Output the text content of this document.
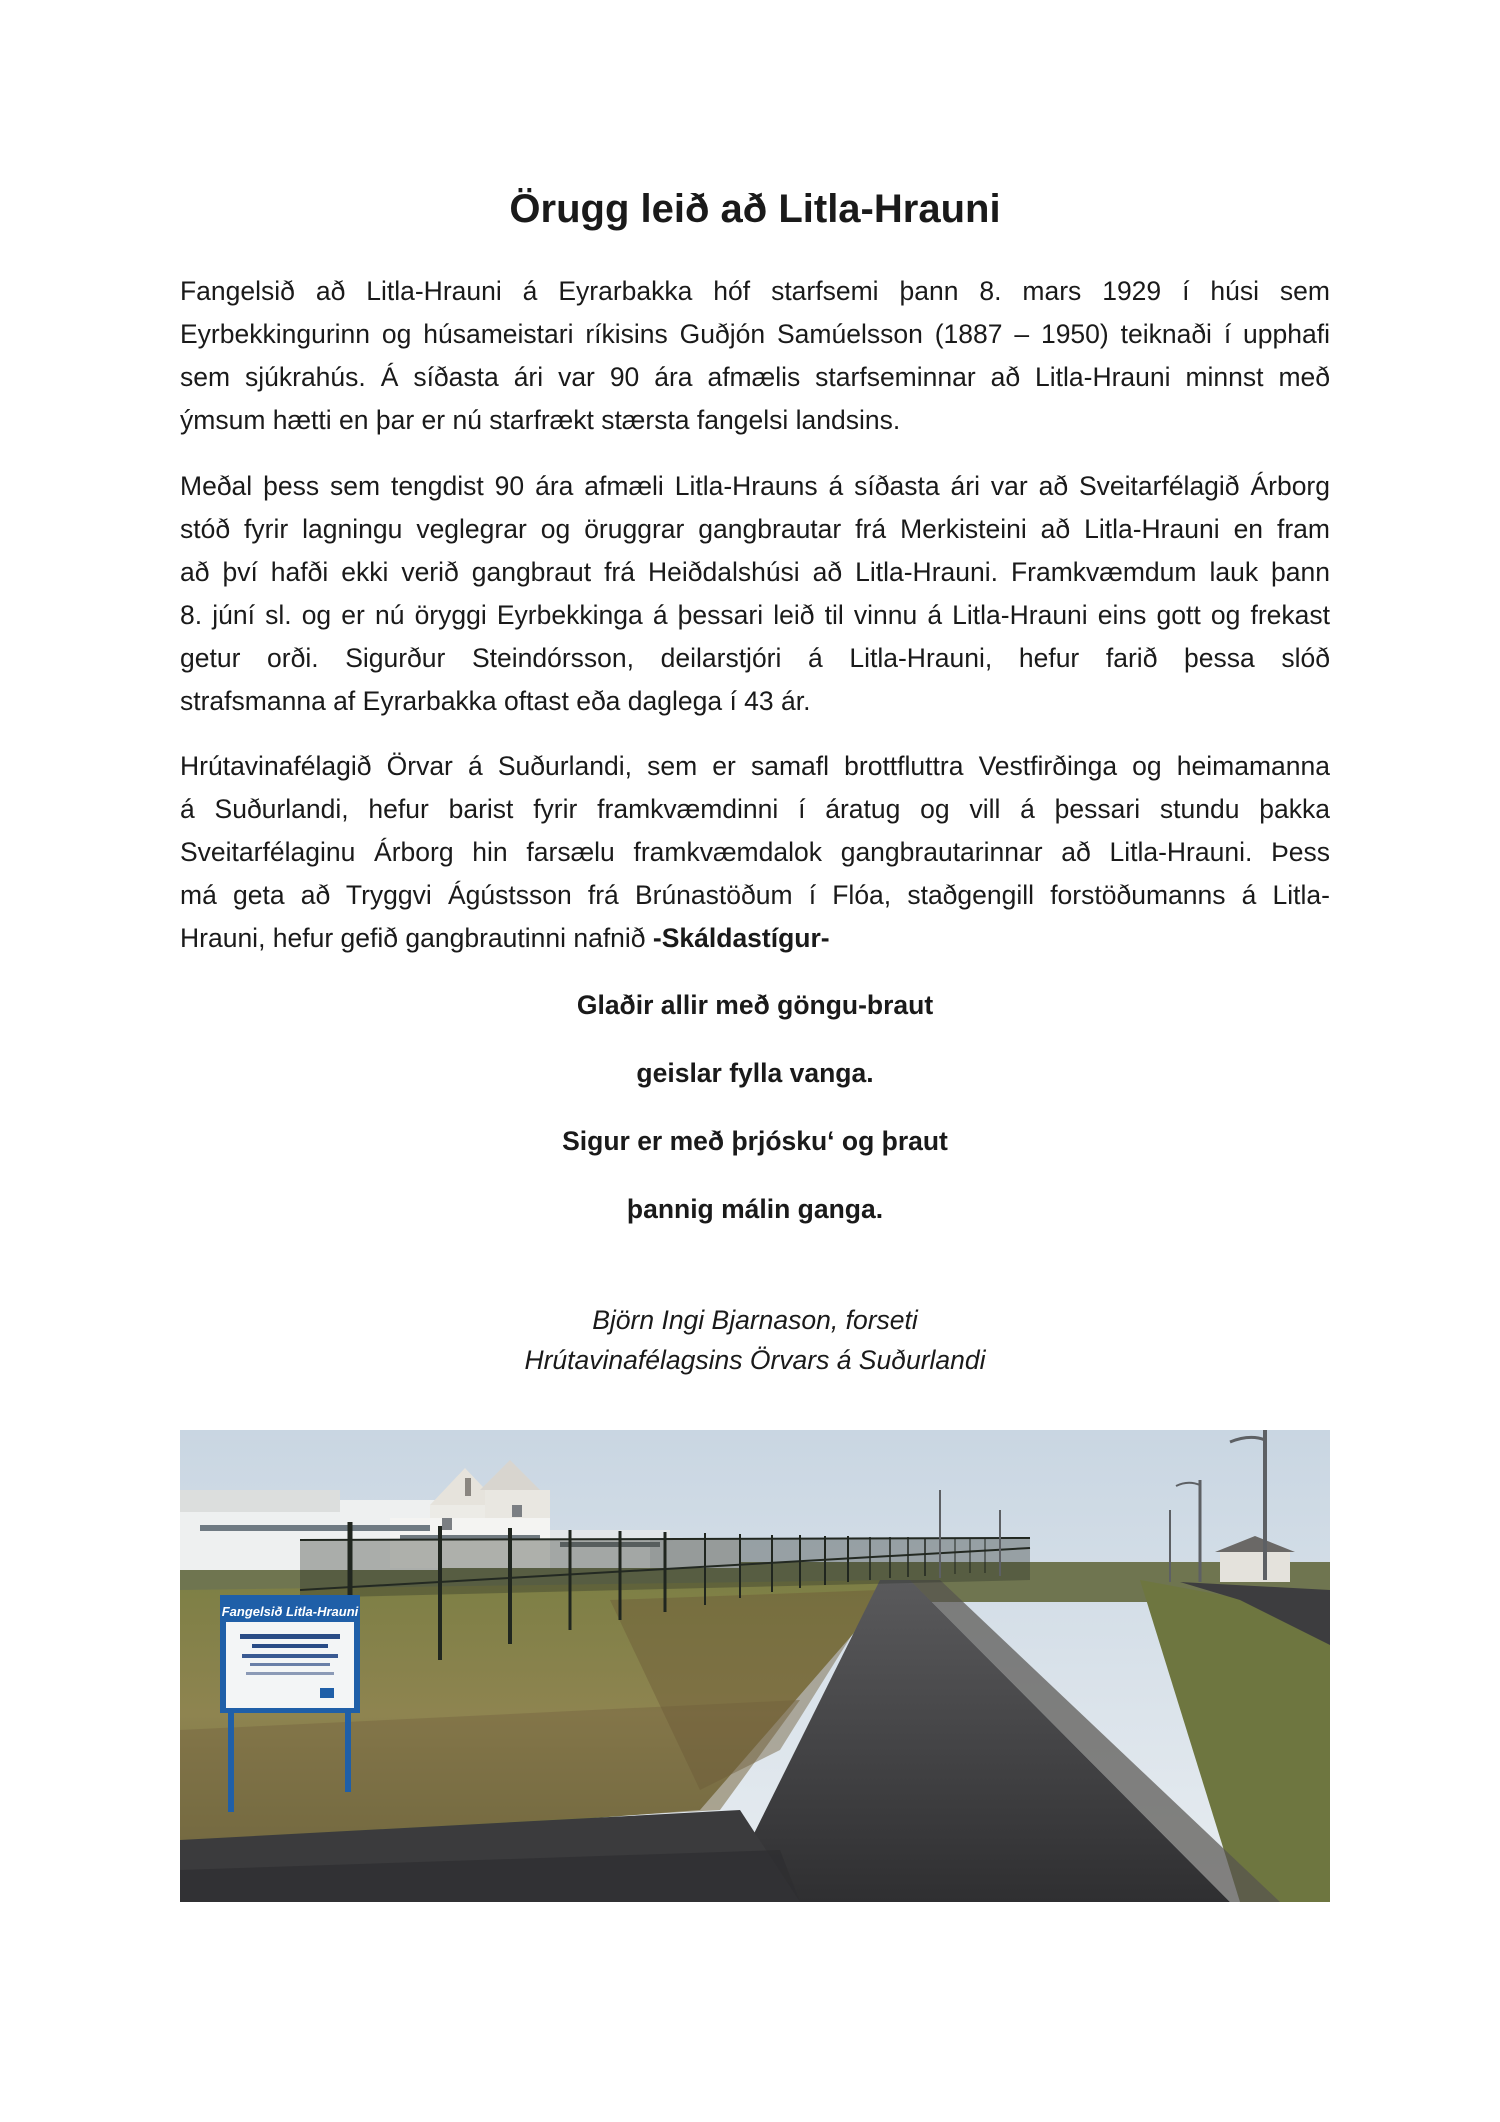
Örugg leið að Litla-Hrauni
Fangelsið að Litla-Hrauni á Eyrarbakka hóf starfsemi þann 8. mars 1929 í húsi sem
Eyrbekkingurinn og húsameistari ríkisins Guðjón Samúelsson (1887 – 1950) teiknaði í upphafi
sem sjúkrahús. Á síðasta ári var 90 ára afmælis starfseminnar að Litla-Hrauni minnst með
ýmsum hætti en þar er nú starfrækt stærsta fangelsi landsins.
Meðal þess sem tengdist 90 ára afmæli Litla-Hrauns á síðasta ári var að Sveitarfélagið Árborg
stóð fyrir lagningu veglegrar og öruggrar gangbrautar frá Merkisteini að Litla-Hrauni en fram
að því hafði ekki verið gangbraut frá Heiðdalshúsi að Litla-Hrauni. Framkvæmdum lauk þann
8. júní sl. og er nú öryggi Eyrbekkinga á þessari leið til vinnu á Litla-Hrauni eins gott og frekast
getur orði. Sigurður Steindórsson, deilarstjóri á Litla-Hrauni, hefur farið þessa slóð
strafsmanna af Eyrarbakka oftast eða daglega í 43 ár.
Hrútavinafélagið Örvar á Suðurlandi, sem er samafl brottfluttra Vestfirðinga og heimamanna
á Suðurlandi, hefur barist fyrir framkvæmdinni í áratug og vill á þessari stundu þakka
Sveitarfélaginu Árborg hin farsælu framkvæmdalok gangbrautarinnar að Litla-Hrauni. Þess
má geta að Tryggvi Ágústsson frá Brúnastöðum í Flóa, staðgengill forstöðumanns á Litla-
Hrauni, hefur gefið gangbrautinni nafnið -Skáldastígur-

Glaðir allir með göngu-braut

geislar fylla vanga.

Sigur er með þrjósku‘ og þraut

þannig málin ganga.

Björn Ingi Bjarnason, forseti

Hrútavinafélagsins Örvars á Suðurlandi

Fangelsið Litla-Hrauni
